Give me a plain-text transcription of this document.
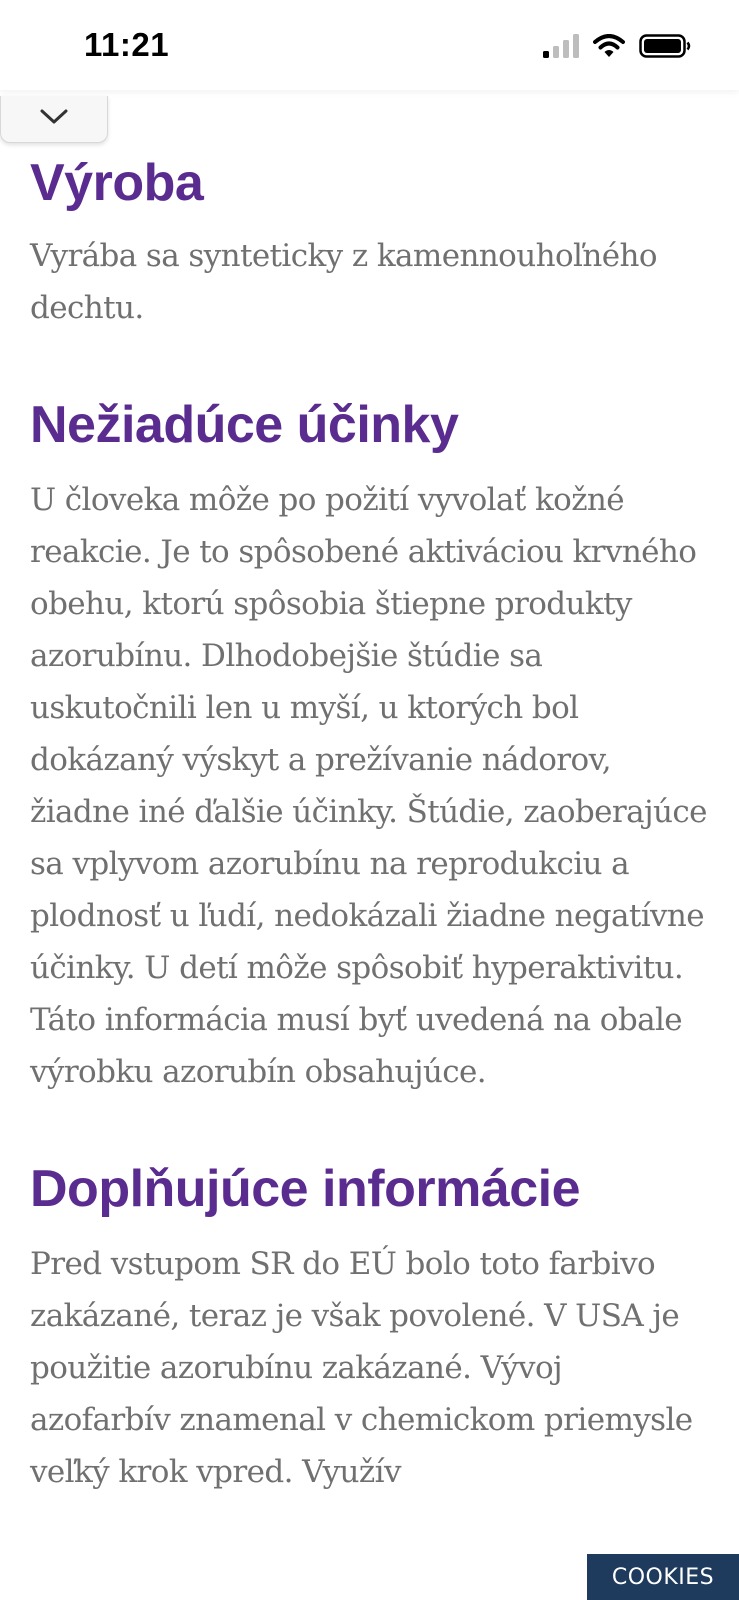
11:21
Výroba

Vyrába sa synteticky z kamennouhoľného dechtu.

Nežiadúce účinky

U človeka môže po požití vyvolať kožné reakcie. Je to spôsobené aktiváciou krvného obehu, ktorú spôsobia štiepne produkty azorubínu. Dlhodobejšie štúdie sa uskutočnili len u myší, u ktorých bol dokázaný výskyt a prežívanie nádorov, žiadne iné ďalšie účinky. Štúdie, zaoberajúce sa vplyvom azorubínu na reprodukciu a plodnosť u ľudí, nedokázali žiadne negatívne účinky. U detí môže spôsobiť hyperaktivitu. Táto informácia musí byť uvedená na obale výrobku azorubín obsahujúce.

Doplňujúce informácie

Pred vstupom SR do EÚ bolo toto farbivo zakázané, teraz je však povolené. V USA je použitie azorubínu zakázané. Vývoj azofarbív znamenal v chemickom priemysle veľký krok vpred. Využív

COOKIES
